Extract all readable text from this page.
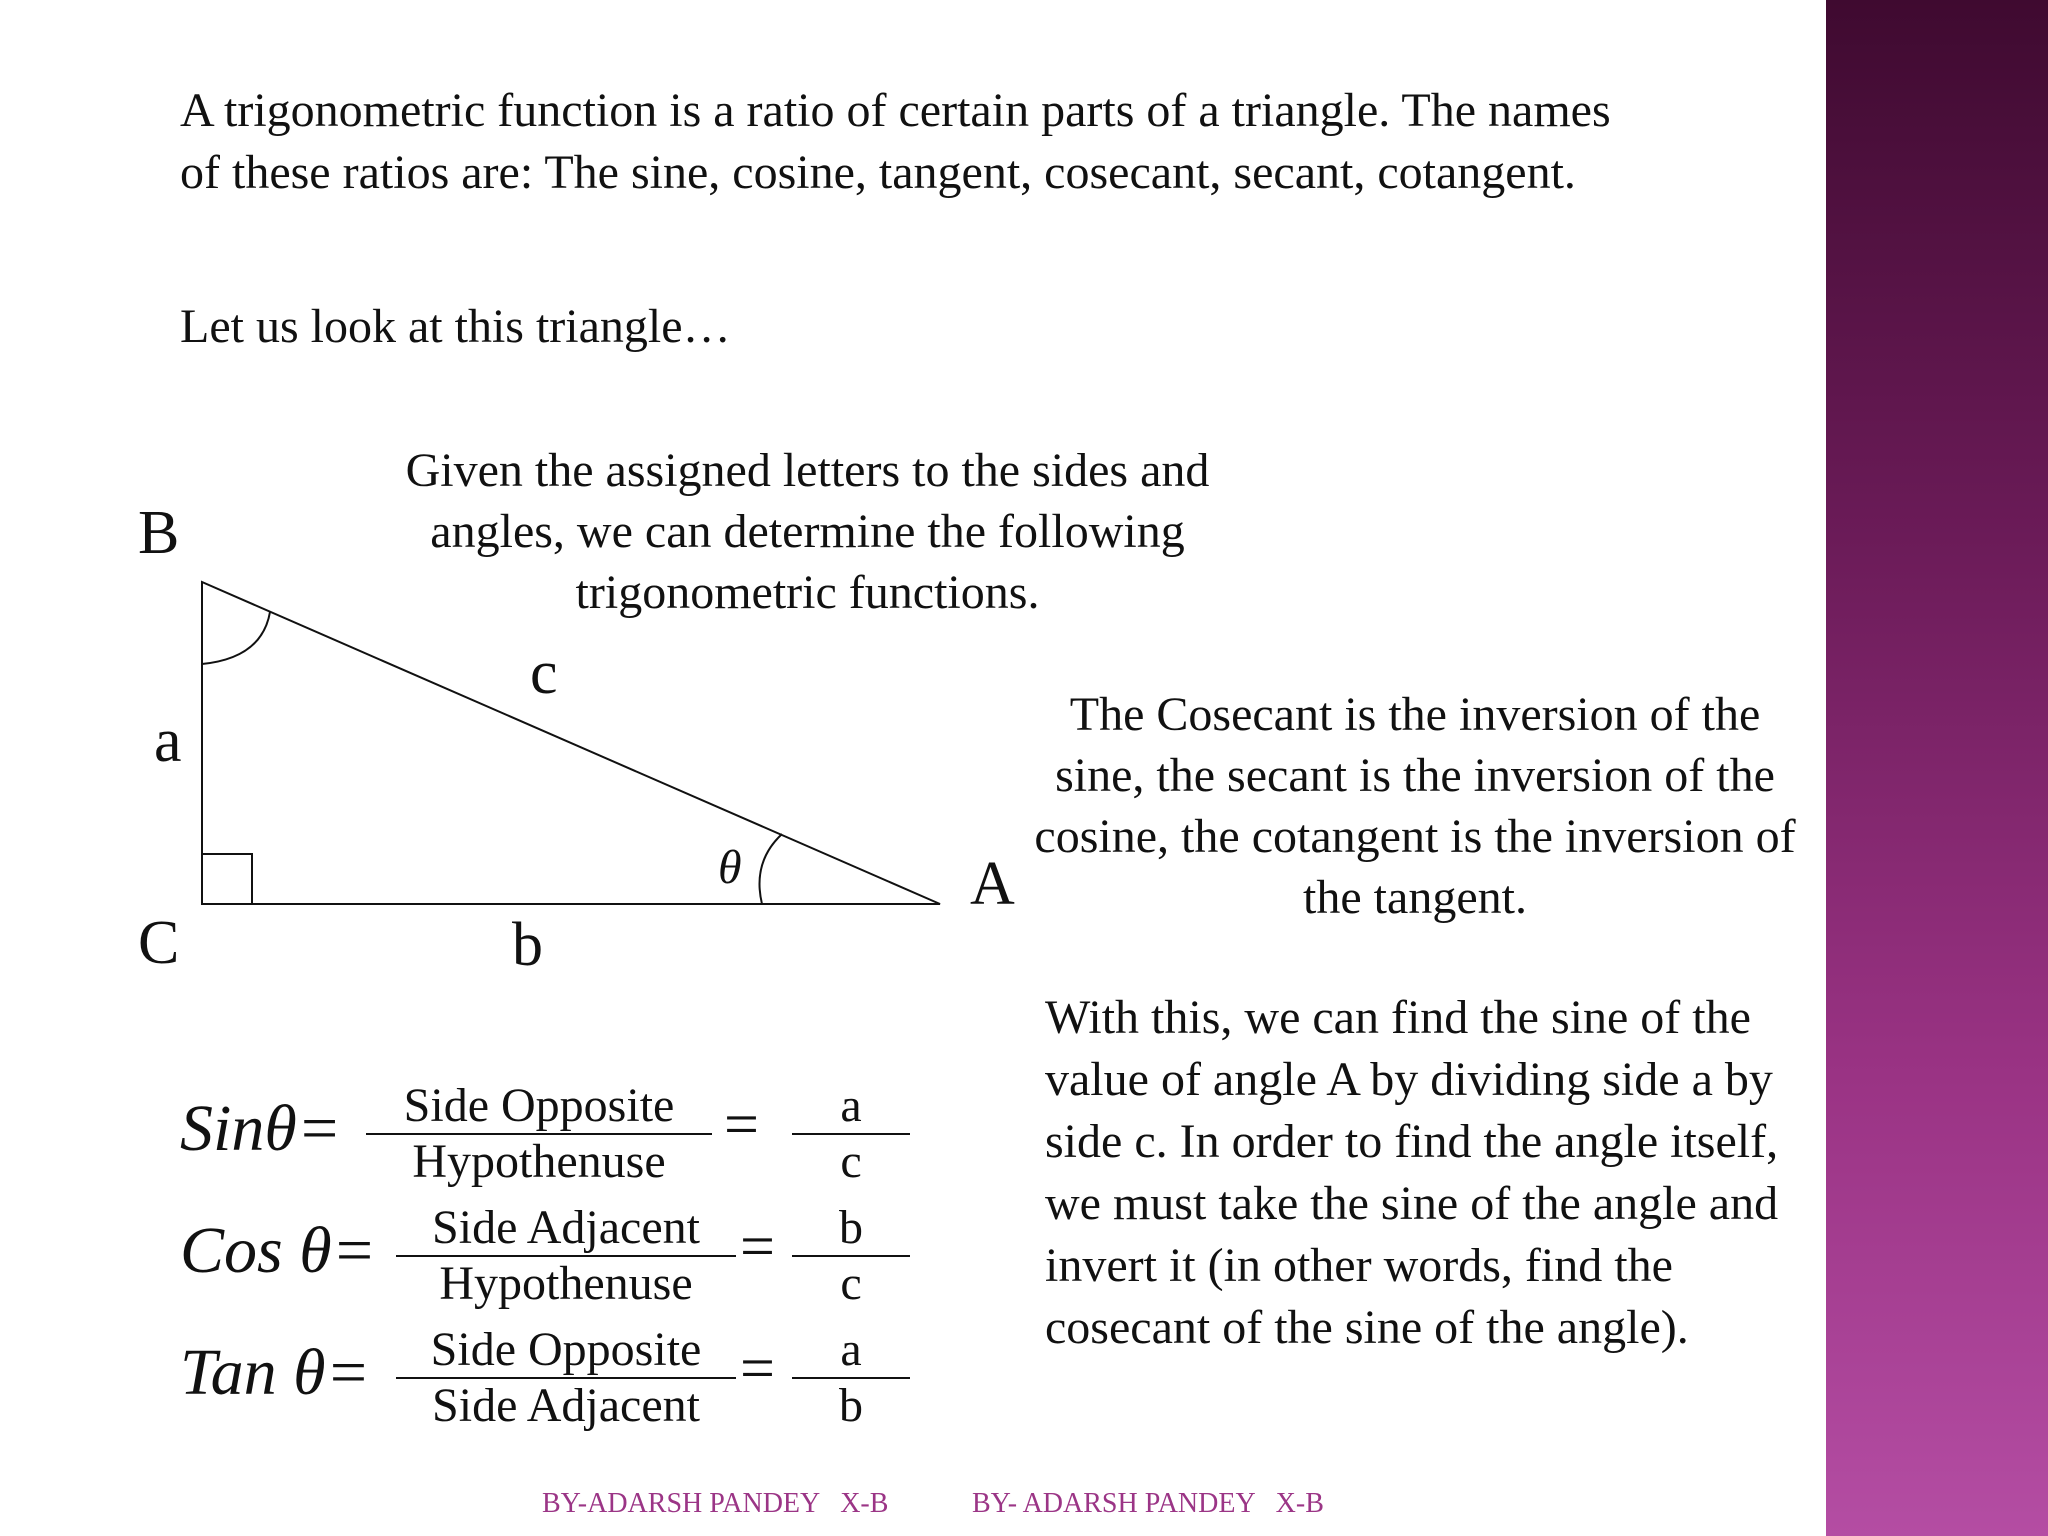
A trigonometric function is a ratio of certain parts of a triangle. The names of these ratios are: The sine, cosine, tangent, cosecant, secant, cotangent.

Let us look at this triangle…

Given the assigned letters to the sides and angles, we can determine the following trigonometric functions.

B
C
A
a
b
c
θ
Sinθ=	Side Opposite
Hypothenuse
=	a
c
Cos θ=	Side Adjacent
Hypothenuse
=	b
c
Tan θ=	Side Opposite
Side Adjacent
=	a
b

The Cosecant is the inversion of the sine, the secant is the inversion of the cosine, the cotangent is the inversion of the tangent.

With this, we can find the sine of the value of angle A by dividing side a by side c. In order to find the angle itself, we must take the sine of the angle and invert it (in other words, find the cosecant of the sine of the angle).

BY-ADARSH PANDEY   X-B	BY- ADARSH PANDEY   X-B
